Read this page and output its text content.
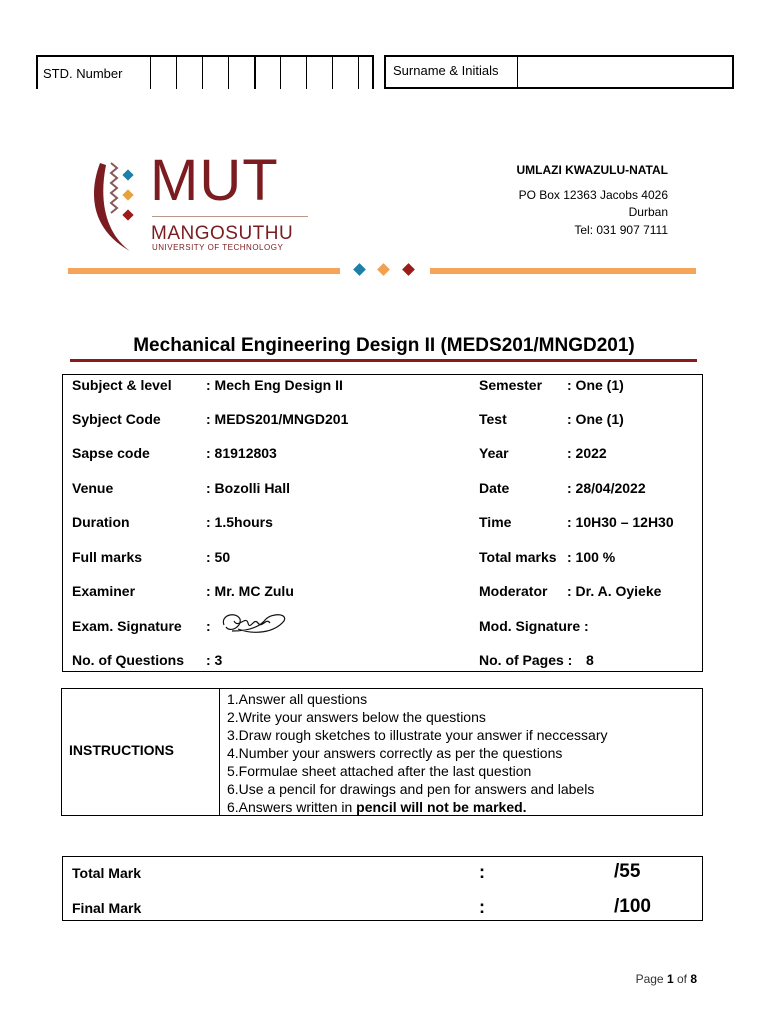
STD. Number	Surname & Initials
MUT
MANGOSUTHU
UNIVERSITY OF TECHNOLOGY
UMLAZI KWAZULU-NATAL
PO Box 12363 Jacobs 4026
Durban
Tel: 031 907 7111
Mechanical Engineering Design II (MEDS201/MNGD201)
Subject & level : Mech Eng Design II	Semester : One (1)
Sybject Code	: MEDS201/MNGD201	Test	: One (1)
Sapse code	: 81912803	Year	: 2022
Venue	: Bozolli Hall	Date	: 28/04/2022
Duration	: 1.5hours	Time	: 10H30 – 12H30
Full marks	: 50	Total marks : 100 %
Examiner	: Mr. MC Zulu	Moderator : Dr. A. Oyieke
Exam. Signature :	Mod. Signature :
No. of Questions : 3	No. of Pages : 8
INSTRUCTIONS
1.Answer all questions
2.Write your answers below the questions
3.Draw rough sketches to illustrate your answer if neccessary
4.Number your answers correctly as per the questions
5.Formulae sheet attached after the last question
6.Use a pencil for drawings and pen for answers and labels
6.Answers written in pencil will not be marked.
Total Mark	:	/55
Final Mark	:	/100
Page 1 of 8
